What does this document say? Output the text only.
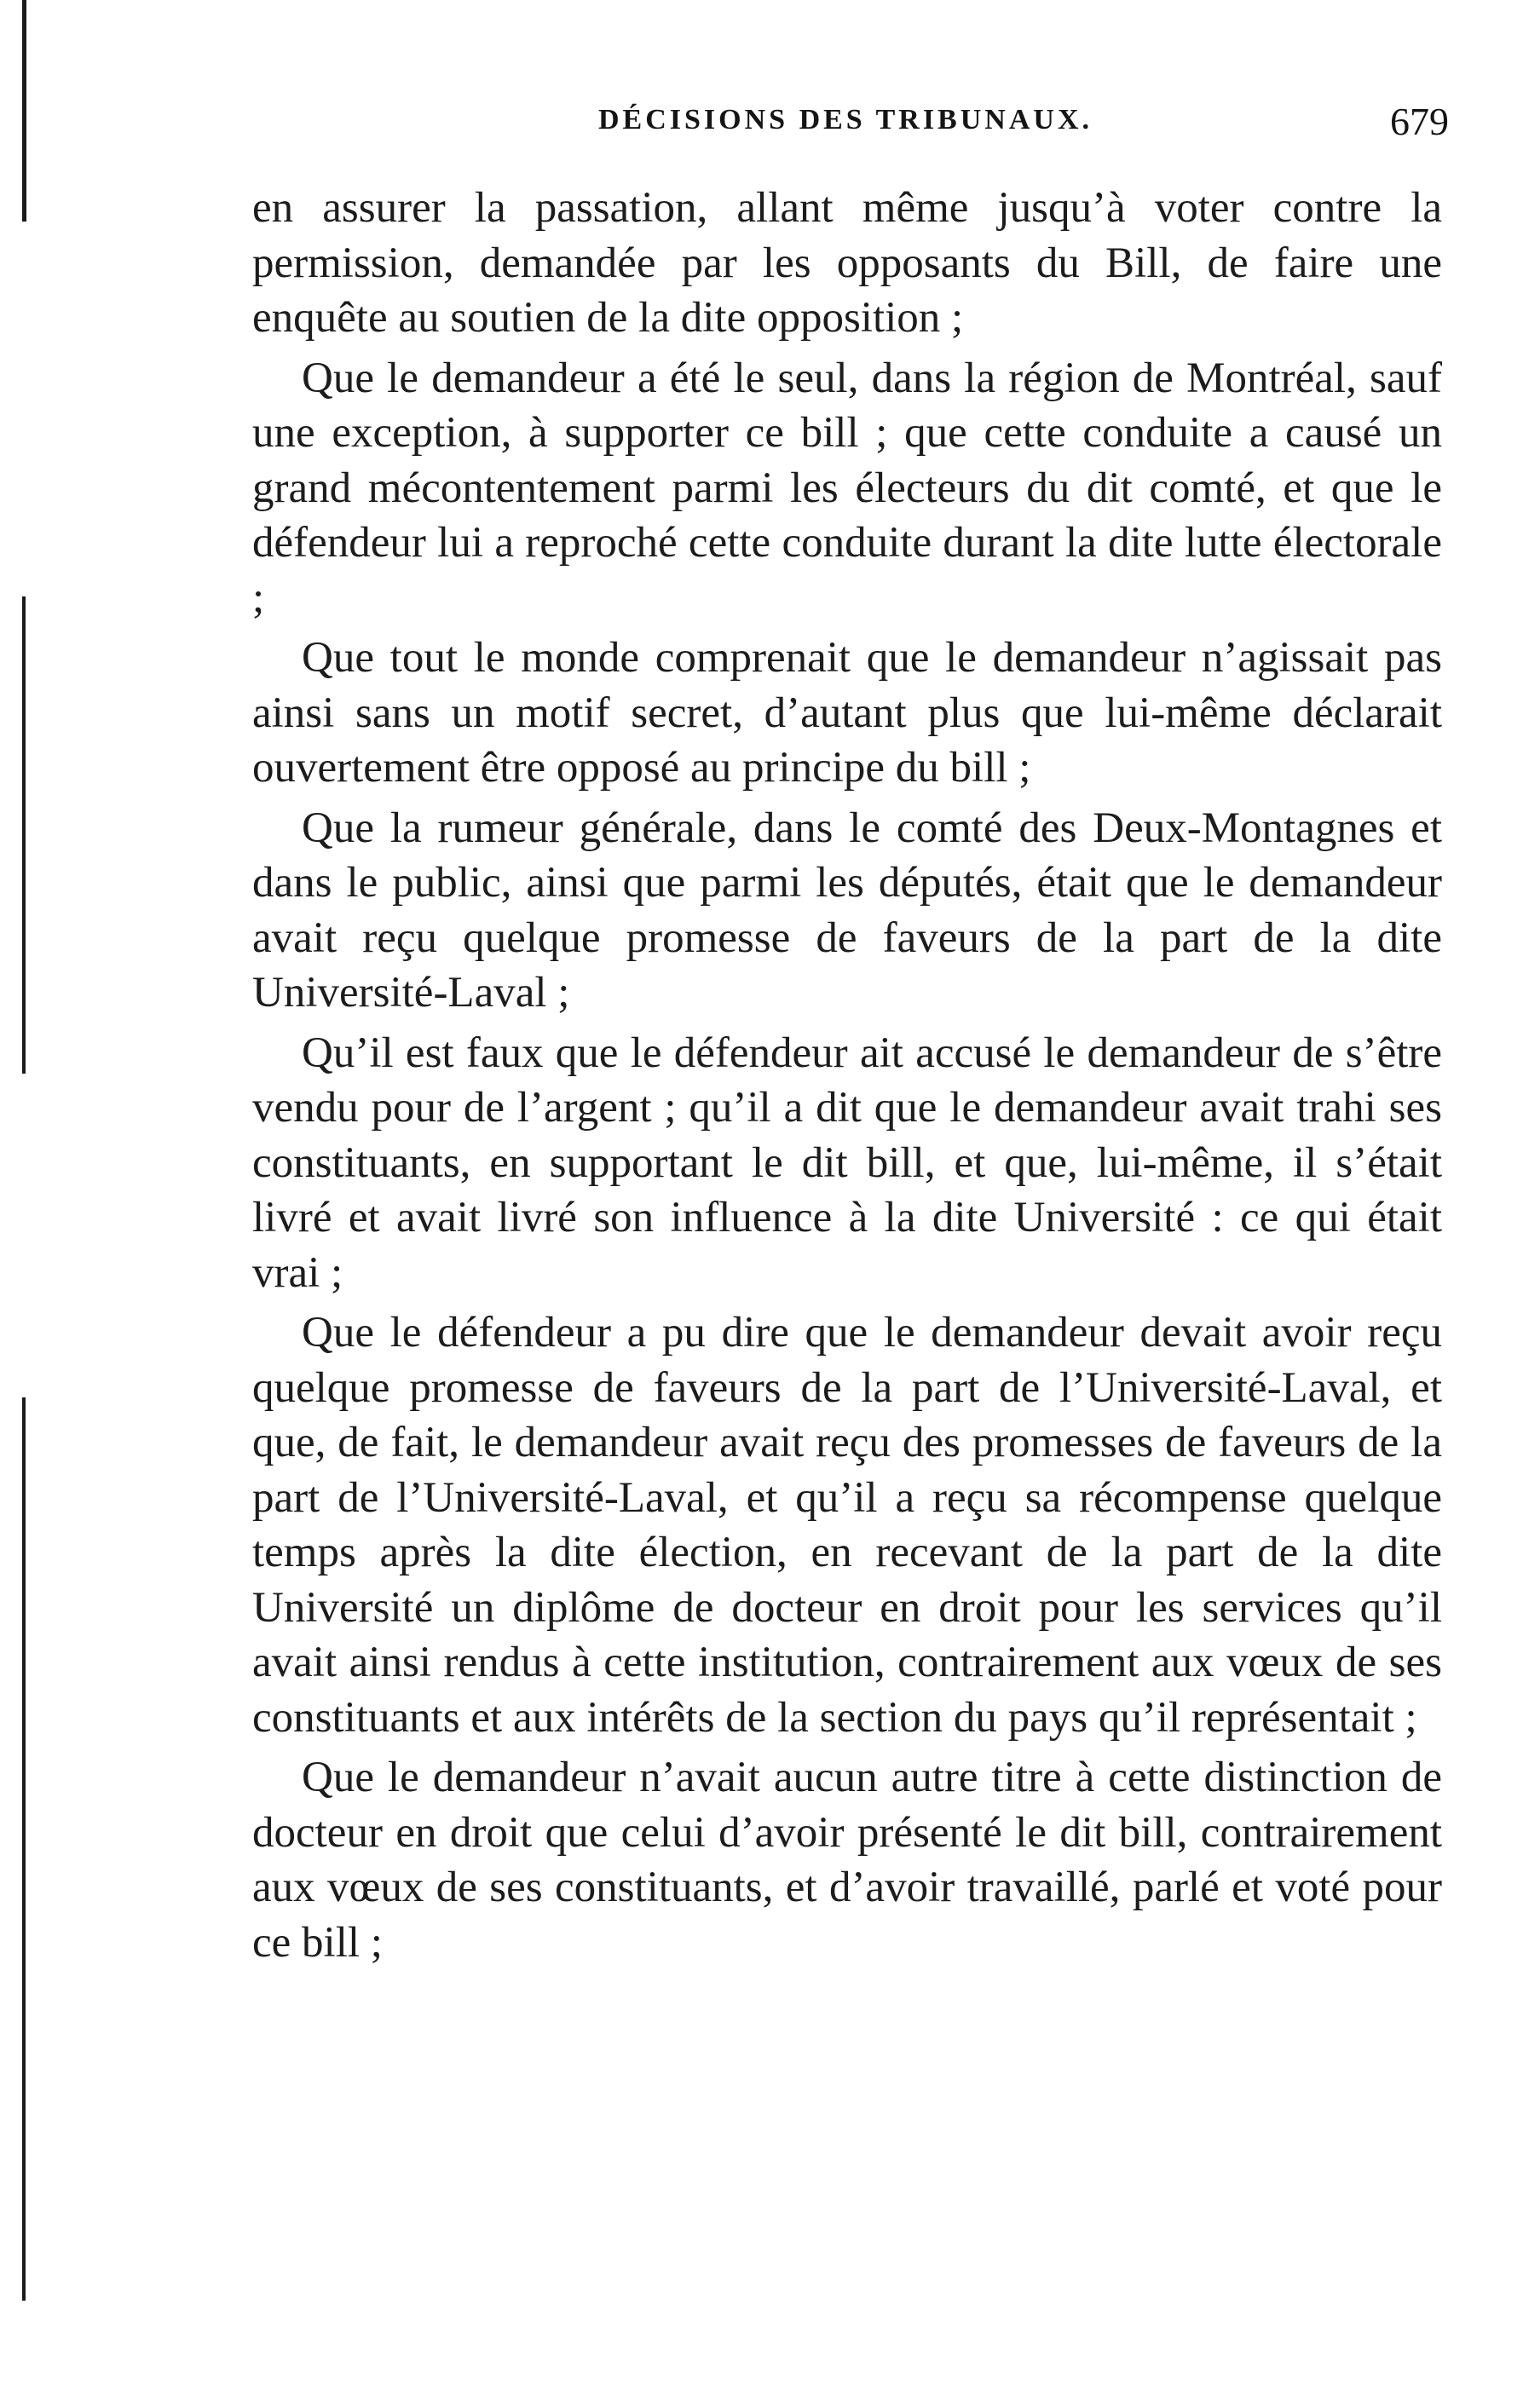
DÉCISIONS DES TRIBUNAUX.	679

en assurer la passation, allant même jusqu’à voter contre la permission, demandée par les opposants du Bill, de faire une enquête au soutien de la dite opposition ;

Que le demandeur a été le seul, dans la région de Montréal, sauf une exception, à supporter ce bill ; que cette conduite a causé un grand mécontentement parmi les électeurs du dit comté, et que le défendeur lui a reproché cette conduite durant la dite lutte électorale ;

Que tout le monde comprenait que le demandeur n’agissait pas ainsi sans un motif secret, d’autant plus que lui-même déclarait ouvertement être opposé au principe du bill ;

Que la rumeur générale, dans le comté des Deux-Montagnes et dans le public, ainsi que parmi les députés, était que le demandeur avait reçu quelque promesse de faveurs de la part de la dite Université-Laval ;

Qu’il est faux que le défendeur ait accusé le demandeur de s’être vendu pour de l’argent ; qu’il a dit que le demandeur avait trahi ses constituants, en supportant le dit bill, et que, lui-même, il s’était livré et avait livré son influence à la dite Université : ce qui était vrai ;

Que le défendeur a pu dire que le demandeur devait avoir reçu quelque promesse de faveurs de la part de l’Université-Laval, et que, de fait, le demandeur avait reçu des promesses de faveurs de la part de l’Université-Laval, et qu’il a reçu sa récompense quelque temps après la dite élection, en recevant de la part de la dite Université un diplôme de docteur en droit pour les services qu’il avait ainsi rendus à cette institution, contrairement aux vœux de ses constituants et aux intérêts de la section du pays qu’il représentait ;

Que le demandeur n’avait aucun autre titre à cette distinction de docteur en droit que celui d’avoir présenté le dit bill, contrairement aux vœux de ses constituants, et d’avoir travaillé, parlé et voté pour ce bill ;
